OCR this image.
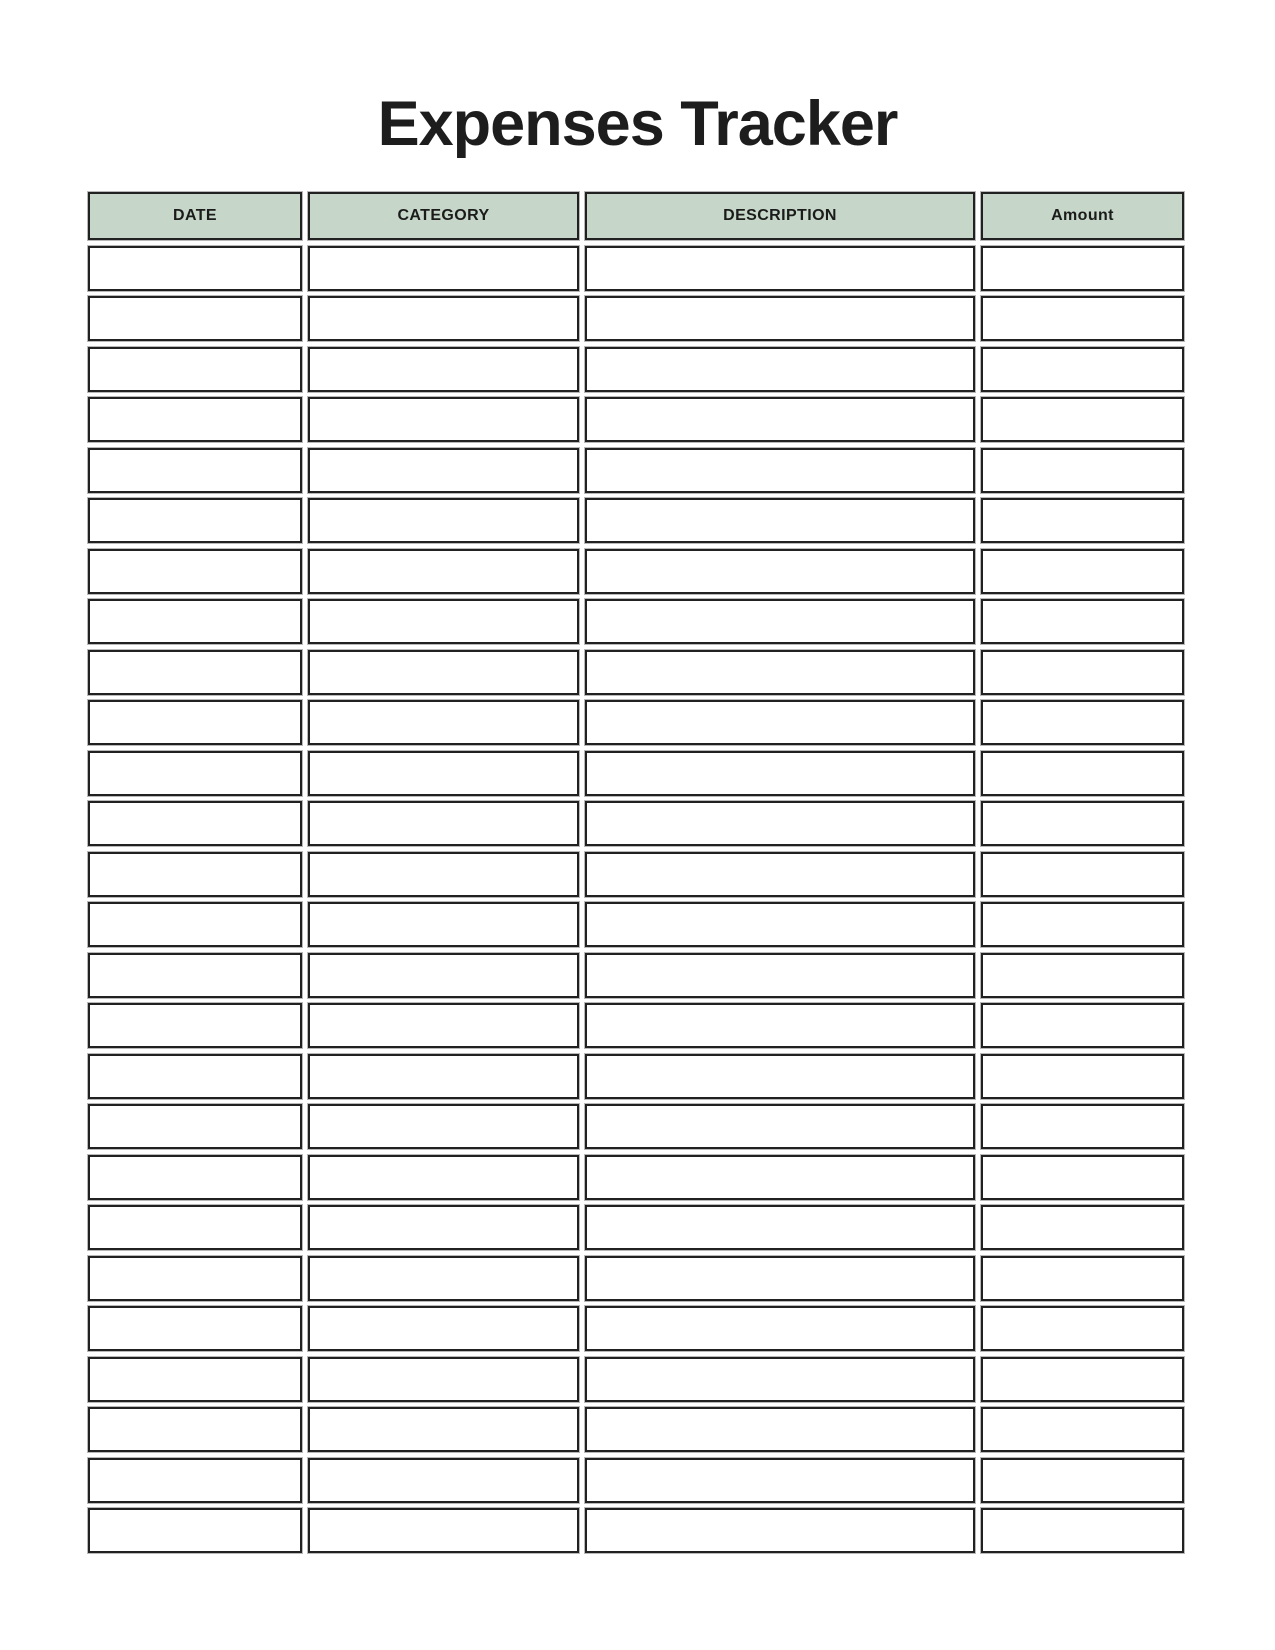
Expenses Tracker
DATE	CATEGORY	DESCRIPTION	Amount
